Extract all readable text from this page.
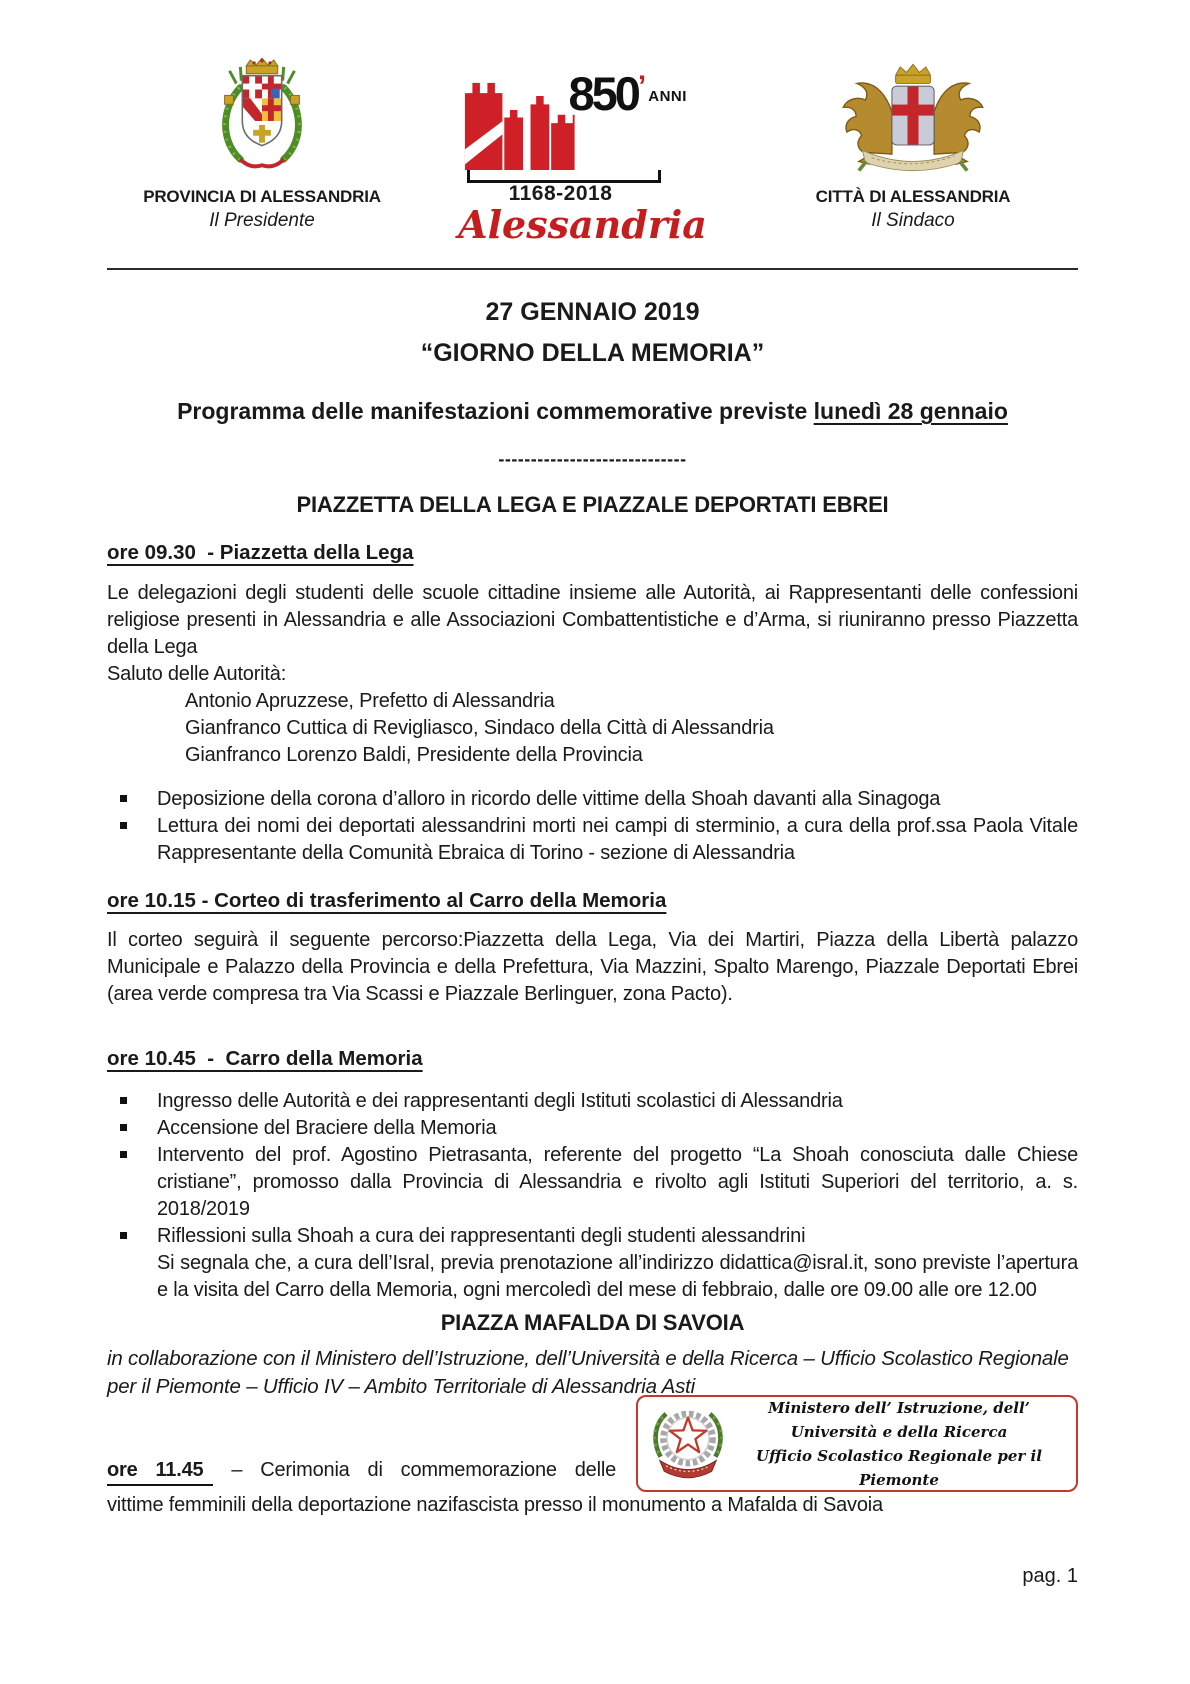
PROVINCIA DI ALESSANDRIA
Il Presidente
850’ ANNI
1168-2018
Alessandria
CITTÀ DI ALESSANDRIA
Il Sindaco

27 GENNAIO 2019

“GIORNO DELLA MEMORIA”

Programma delle manifestazioni commemorative previste lunedì 28 gennaio

-----------------------------

PIAZZETTA DELLA LEGA E PIAZZALE DEPORTATI EBREI

ore 09.30  - Piazzetta della Lega

Le delegazioni degli studenti delle scuole cittadine insieme alle Autorità, ai Rappresentanti delle confessioni religiose presenti in Alessandria e alle Associazioni Combattentistiche e d’Arma, si riuniranno presso Piazzetta della Lega

Saluto delle Autorità:

Antonio Apruzzese, Prefetto di Alessandria

Gianfranco Cuttica di Revigliasco, Sindaco della Città di Alessandria

Gianfranco Lorenzo Baldi, Presidente della Provincia

Deposizione della corona d’alloro in ricordo delle vittime della Shoah davanti alla Sinagoga
Lettura dei nomi dei deportati alessandrini morti nei campi di sterminio, a cura della prof.ssa Paola Vitale Rappresentante della Comunità Ebraica di Torino - sezione di Alessandria

ore 10.15 - Corteo di trasferimento al Carro della Memoria

Il corteo seguirà il seguente percorso:Piazzetta della Lega, Via dei Martiri, Piazza della Libertà palazzo Municipale e Palazzo della Provincia e della Prefettura, Via Mazzini, Spalto Marengo, Piazzale Deportati Ebrei (area verde compresa tra Via Scassi e Piazzale Berlinguer, zona Pacto).

ore 10.45  -  Carro della Memoria

Ingresso delle Autorità e dei rappresentanti degli Istituti scolastici di Alessandria
Accensione del Braciere della Memoria
Intervento del prof. Agostino Pietrasanta, referente del progetto “La Shoah conosciuta dalle Chiese cristiane”, promosso dalla Provincia di Alessandria e rivolto agli Istituti Superiori del territorio, a. s. 2018/2019
Riflessioni sulla Shoah a cura dei rappresentanti degli studenti alessandrini
Si segnala che, a cura dell’Isral, previa prenotazione all’indirizzo didattica@isral.it, sono previste l’apertura e la visita del Carro della Memoria, ogni mercoledì del mese di febbraio, dalle ore 09.00 alle ore 12.00

PIAZZA MAFALDA DI SAVOIA

in collaborazione con il Ministero dell’Istruzione, dell’Università e della Ricerca – Ufficio Scolastico Regionale per il Piemonte – Ufficio IV – Ambito Territoriale di Alessandria Asti

Ministero dell’ Istruzione, dell’ Università e della Ricerca
Ufficio Scolastico Regionale per il Piemonte

ore 11.45 – Cerimonia di commemorazione delle

vittime femminili della deportazione nazifascista presso il monumento a Mafalda di Savoia

pag. 1
